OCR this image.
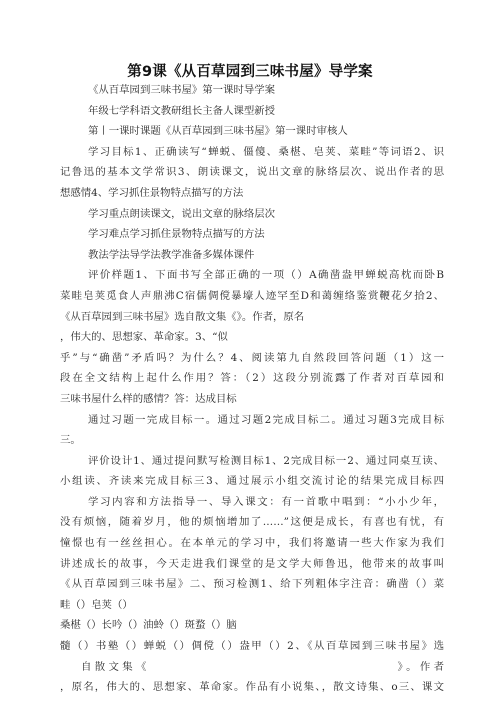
第9课《从百草园到三味书屋》导学案
《从百草园到三味书屋》第一课时导学案
年级七学科语文教研组长主备人课型新授
第丨一课时课题《从百草园到三味书屋》第一课时审核人
学习目标1、正确读写“蝉蜕、僵傻、桑椹、皂荚、菜畦”等词语2、识
记鲁迅的基本文学常识3、朗读课文，说出文章的脉络层次、说出作者的思
想感情4、学习抓住景物特点描写的方法
学习重点朗读课文，说出文章的脉络层次
学习难点学习抓住景物特点描写的方法
教法学法导学法教学准备多媒体课件
评价样题1、下面书写全部正确的一项（）A确凿盎甲蝉蜕高枕而卧B
菜畦皂荚觅食人声鼎沸C宿儒倜傥暴壕人迹罕至D和蔼缠络鉴赏鞭花夕拾2、
《从百草园到三味书屋》选自散文集《》。作者，原名
，伟大的、思想家、革命家。3、“似
乎”与“确凿”矛盾吗？为什么？4、阅读第九自然段回答问题（1）这一
段在全文结构上起什么作用？答：（2）这段分别流露了作者对百草园和
三味书屋什么样的感情？答：达成目标
通过习题一完成目标一。通过习题2完成目标二。通过习题3完成目标
三。
评价设计1、通过提问默写检测目标1、2完成目标一2、通过同桌互读、
小组读、齐读来完成目标三3、通过展示小组交流讨论的结果完成目标四
学习内容和方法指导一、导入课文：有一首歌中唱到：“小小少年，
没有烦恼，随着岁月，他的烦恼增加了……”这便是成长，有喜也有忧，有
憧憬也有一丝丝担心。在本单元的学习中，我们将邀请一些大作家为我们
讲述成长的故事，今天走进我们课堂的是文学大师鲁迅，他带来的故事叫
《从百草园到三味书屋》二、预习检测1、给下列粗体字注音：确凿（）菜
畦（）皂荚（）
桑椹（）长吟（）油蛉（）斑蝥（）脑
髓（）书塾（）蝉蜕（）倜傥（）盎甲（）2、《从百草园到三味书屋》选
自散文集《　　　　　　　　　　　　　　　　　　》。作者
，原名，伟大的、思想家、革命家。作品有小说集、，散文诗集、o三、课文
